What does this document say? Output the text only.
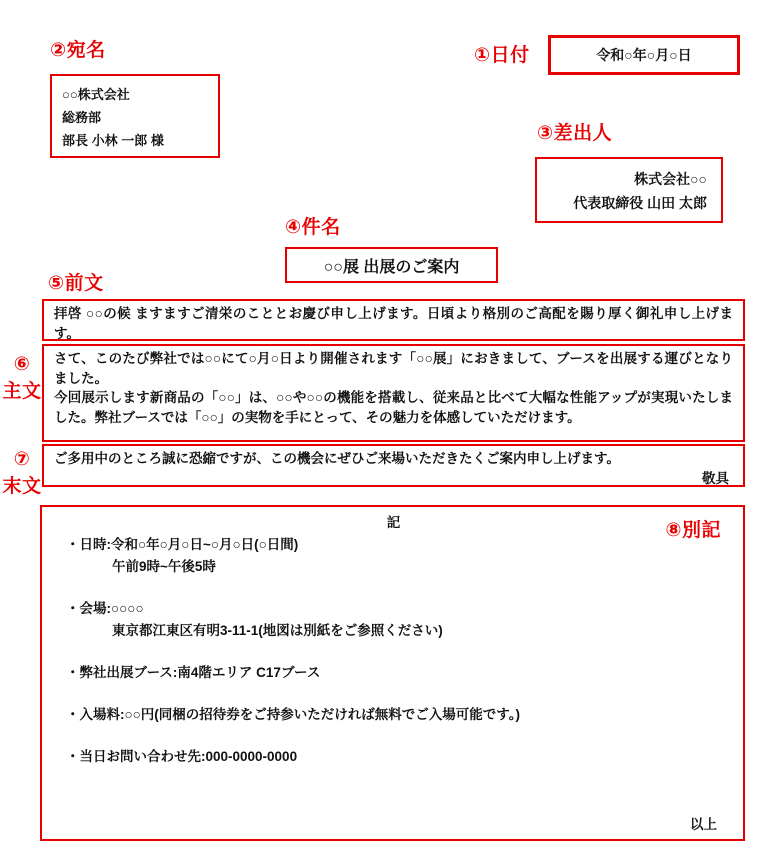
②宛名
○○株式会社
総務部
部長 小林 一郎 様
①日付	令和○年○月○日
③差出人
株式会社○○
代表取締役 山田 太郎
④件名
○○展 出展のご案内
⑤前文

拝啓 ○○の候 ますますご清栄のこととお慶び申し上げます。日頃より格別のご高配を賜り厚く御礼申し上げます。

⑥
主文

さて、このたび弊社では○○にて○月○日より開催されます「○○展」におきまして、ブースを出展する運びとなりました。

今回展示します新商品の「○○」は、○○や○○の機能を搭載し、従来品と比べて大幅な性能アップが実現いたしました。弊社ブースでは「○○」の実物を手にとって、その魅力を体感していただけます。

⑦
末文

ご多用中のところ誠に恐縮ですが、この機会にぜひご来場いただきたくご案内申し上げます。

敬具

⑧別記
記
・日時:令和○年○月○日~○月○日(○日間)
午前9時~午後5時
・会場:○○○○
東京都江東区有明3-11-1(地図は別紙をご参照ください)
・弊社出展ブース:南4階エリア C17ブース
・入場料:○○円(同梱の招待券をご持参いただければ無料でご入場可能です。)
・当日お問い合わせ先:000-0000-0000
以上
